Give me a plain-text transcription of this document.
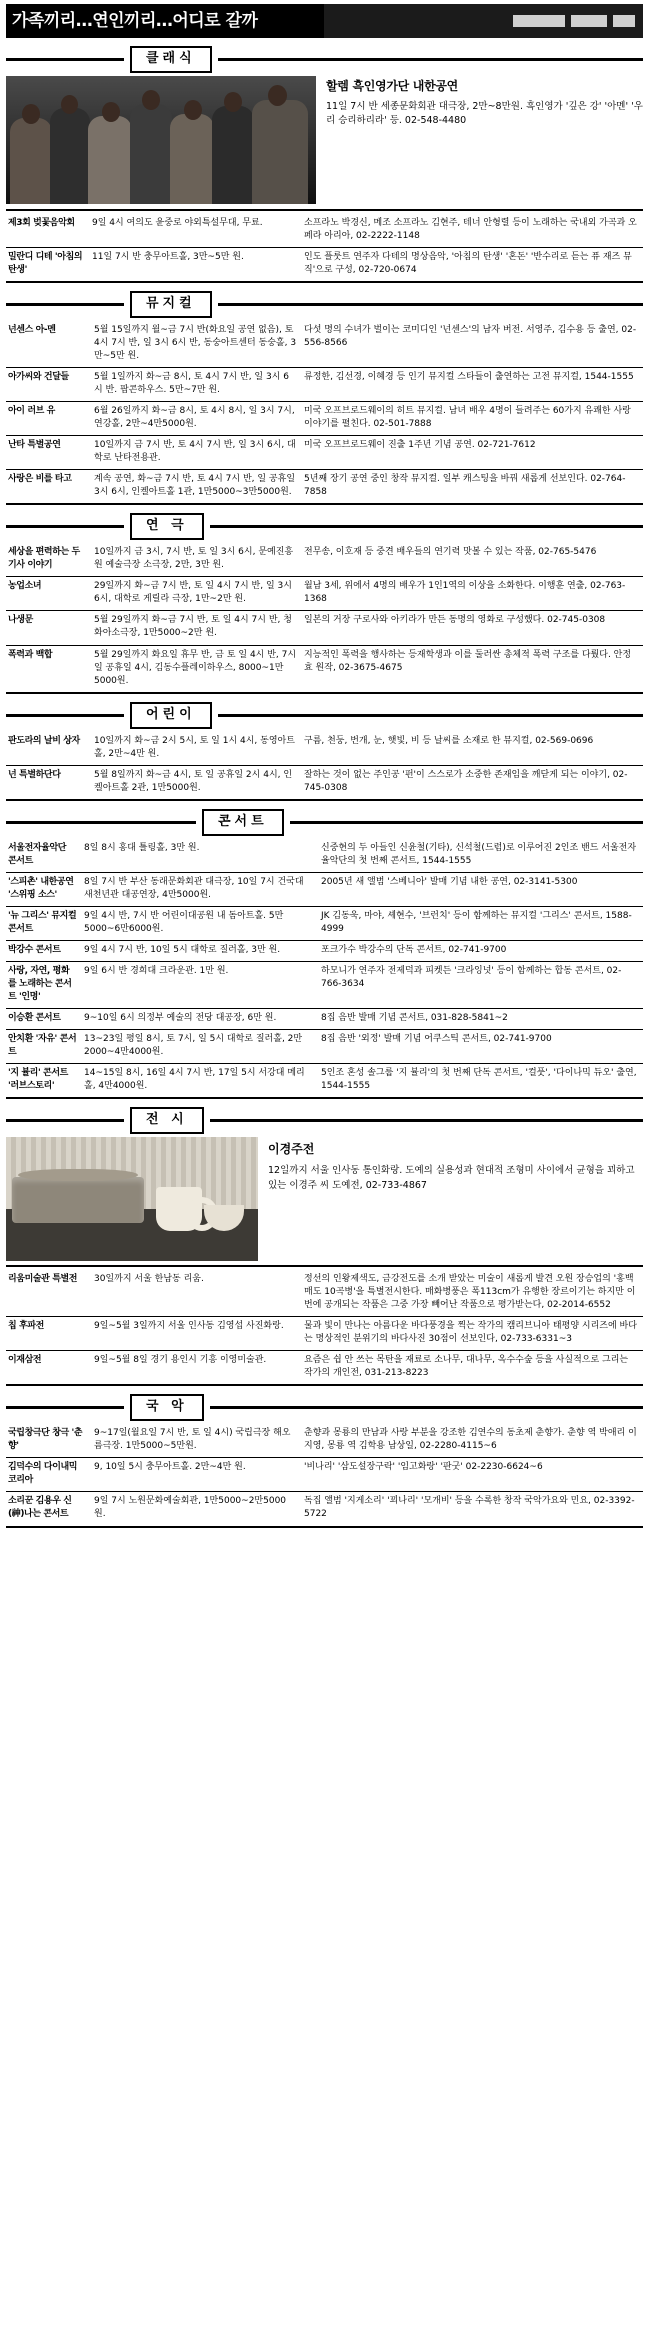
가족끼리…연인끼리…어디로 갈까
클래식
할렘 흑인영가단 내한공연

11일 7시 반 세종문화회관 대극장, 2만~8만원. 흑인영가 '깊은 강' '아멘' '우리 승리하리라' 등. 02-548-4480

제3회 벚꽃음악회	9일 4시 여의도 윤중로 야외특설무대, 무료.	소프라노 박경신, 메조 소프라노 김현주, 테너 안형렬 등이 노래하는 국내외 가곡과 오페라 아리아, 02-2222-1148
밀란디 디테 '아침의 탄생'	11일 7시 반 충무아트홀, 3만~5만 원.	인도 플룻트 연주자 다테의 명상음악, '아침의 탄생' '혼돈' '반수리로 듣는 퓨 재즈 뮤직'으로 구성, 02-720-0674
뮤지컬
넌센스 아-멘	5월 15일까지 월~금 7시 반(화요일 공연 없음), 토 4시 7시 반, 일 3시 6시 반, 동숭아트센터 동숭홀, 3만~5만 원.	다섯 명의 수녀가 벌이는 코미디인 '넌센스'의 남자 버전. 서영주, 김수용 등 출연, 02-556-8566
아가씨와 건달들	5월 1일까지 화~금 8시, 토 4시 7시 반, 일 3시 6시 반. 팝콘하우스. 5만~7만 원.	류정한, 김선경, 이혜경 등 인기 뮤지컬 스타들이 출연하는 고전 뮤지컬, 1544-1555
아이 러브 유	6월 26일까지 화~금 8시, 토 4시 8시, 일 3시 7시, 연강홀, 2만~4만5000원.	미국 오프브로드웨이의 히트 뮤지컬. 남녀 배우 4명이 들려주는 60가지 유쾌한 사랑 이야기를 펼친다. 02-501-7888
난타 특별공연	10일까지 금 7시 반, 토 4시 7시 반, 일 3시 6시, 대학로 난타전용관.	미국 오프브로드웨이 진출 1주년 기념 공연. 02-721-7612
사랑은 비를 타고	계속 공연, 화~금 7시 반, 토 4시 7시 반, 일 공휴일 3시 6시, 인켈아트홀 1관, 1만5000~3만5000원.	5년째 장기 공연 중인 창작 뮤지컬. 일부 캐스팅을 바꿔 새롭게 선보인다. 02-764-7858
연 극
세상을 편력하는 두 기사 이야기	10일까지 금 3시, 7시 반, 토 일 3시 6시, 문예진흥원 예술극장 소극장, 2만, 3만 원.	전무송, 이호재 등 중견 배우들의 연기력 맛볼 수 있는 작품, 02-765-5476
농업소녀	29일까지 화~금 7시 반, 토 일 4시 7시 반, 일 3시 6시, 대학로 게릴라 극장, 1만~2만 원.	월남 3세, 위에서 4명의 배우가 1인1역의 이상을 소화한다. 이행훈 연출, 02-763-1368
나생문	5월 29일까지 화~금 7시 반, 토 일 4시 7시 반, 청화아소극장, 1만5000~2만 원.	일본의 거장 구로사와 아키라가 만든 동명의 영화로 구성했다. 02-745-0308
폭력과 백합	5월 29일까지 화요일 휴무 반, 금 토 일 4시 반, 7시 일 공휴일 4시, 김동수플레이하우스, 8000~1만5000원.	지능적인 폭력을 행사하는 등재학생과 이를 둘러싼 총체적 폭력 구조를 다뤘다. 안정효 원작, 02-3675-4675
어린이
판도라의 날비 상자	10일까지 화~금 2시 5시, 토 일 1시 4시, 동영아트홀, 2만~4만 원.	구름, 천둥, 번개, 눈, 햇빛, 비 등 날씨를 소재로 한 뮤지컬, 02-569-0696
넌 특별하단다	5월 8일까지 화~금 4시, 토 일 공휴일 2시 4시, 인켈아트홀 2관, 1만5000원.	잘하는 것이 없는 주인공 '펀'이 스스로가 소중한 존재임을 깨닫게 되는 이야기, 02-745-0308
콘서트
서울전자율악단 콘서트	8일 8시 홍대 틀링홀, 3만 원.		신중현의 두 아들인 신윤철(기타), 신석철(드럼)로 이루어진 2인조 밴드 서울전자율악단의 첫 번째 콘서트, 1544-1555
'스피촌' 내한공연 '스위핑 소스'	8일 7시 반 부산 동래문화회관 대극장, 10일 7시 건국대 새천년관 대공연장, 4만5000원.		2005년 새 앨범 '스베니아' 발매 기념 내한 공연, 02-3141-5300
'뉴 그리스' 뮤지컬 콘서트	9일 4시 반, 7시 반 어린이대공원 내 돔아트홀. 5만5000~6만6000원.		JK 김동욱, 마야, 셰현수, '브런치' 등이 함께하는 뮤지컬 '그리스' 콘서트, 1588-4999
박강수 콘서트	9일 4시 7시 반, 10일 5시 대학로 질러홀, 3만 원.		포크가수 박강수의 단독 콘서트, 02-741-9700
사랑, 자연, 평화를 노래하는 콘서트 '인명'	9일 6시 반 경희대 크라운관. 1만 원.		하모니가 연주자 전제덕과 피켓든 '크라잉넛' 등이 함께하는 합동 콘서트, 02-766-3634
이승환 콘서트	9~10일 6시 의정부 예술의 전당 대공장, 6만 원.		8집 음반 발매 기념 콘서트, 031-828-5841~2
안치환 '자유' 콘서트	13~23일 평일 8시, 토 7시, 일 5시 대학로 질러홀, 2만2000~4만4000원.		8집 음반 '외정' 발매 기념 어쿠스틱 콘서트, 02-741-9700
'지 뷸리' 콘서트 '러브스토리'	14~15일 8시, 16일 4시 7시 반, 17일 5시 서강대 메리홀, 4만4000원.		5인조 혼성 솔그룹 '지 뷸리'의 첫 번째 단독 콘서트, '컬풋', '다이나믹 듀오' 출연, 1544-1555
전 시
이경주전

12일까지 서울 인사동 통인화랑. 도예의 실용성과 현대적 조형미 사이에서 균형을 꾀하고 있는 이경주 씨 도예전, 02-733-4867

리움미술관 특별전	30일까지 서울 한남동 리움.	정선의 인왕제색도, 금강전도를 소개 받았는 미술이 새롭게 발견 오원 장승업의 '홍백매도 10곡병'을 특별전시한다. 매화병풍은 폭113cm가 유행한 장르이기는 하지만 이번에 공개되는 작품은 그중 가장 빼어난 작품으로 평가받는다, 02-2014-6552
칩 후파전	9일~5월 3일까지 서울 인사동 김영섭 사진화랑.	물과 빛이 만나는 아름다운 바다풍경을 찍는 작가의 캠리브니아 태평양 시리즈에 바다는 명상적인 분위기의 바다사진 30점이 선보인다, 02-733-6331~3
이재삼전	9일~5월 8일 경기 용인시 기흥 이영미술관.	요즘은 쉽 안 쓰는 목탄을 재료로 소나무, 대나무, 옥수수숲 등을 사실적으로 그리는 작가의 개인전, 031-213-8223
국 악
국립창극단 창극 '춘향'	9~17일(월요일 7시 반, 토 일 4시) 국립극장 해오름극장. 1만5000~5만원.	춘향과 몽룡의 만남과 사랑 부분을 강조한 김연수의 동초제 춘향가. 춘향 역 박애리 이지영, 몽룡 역 김학용 남상일, 02-2280-4115~6
김덕수의 다이내믹 코리아	9, 10일 5시 충무아트홀. 2만~4만 원.	'비나리' '삼도설장구락' '임고화랑' '판굿' 02-2230-6624~6
소리꾼 김용우 신(神)나는 콘서트	9일 7시 노원문화예술회관, 1만5000~2만5000원.	독집 앨범 '지게소리' '꾀나리' '모개비' 등을 수록한 창작 국악가요와 민요, 02-3392-5722
